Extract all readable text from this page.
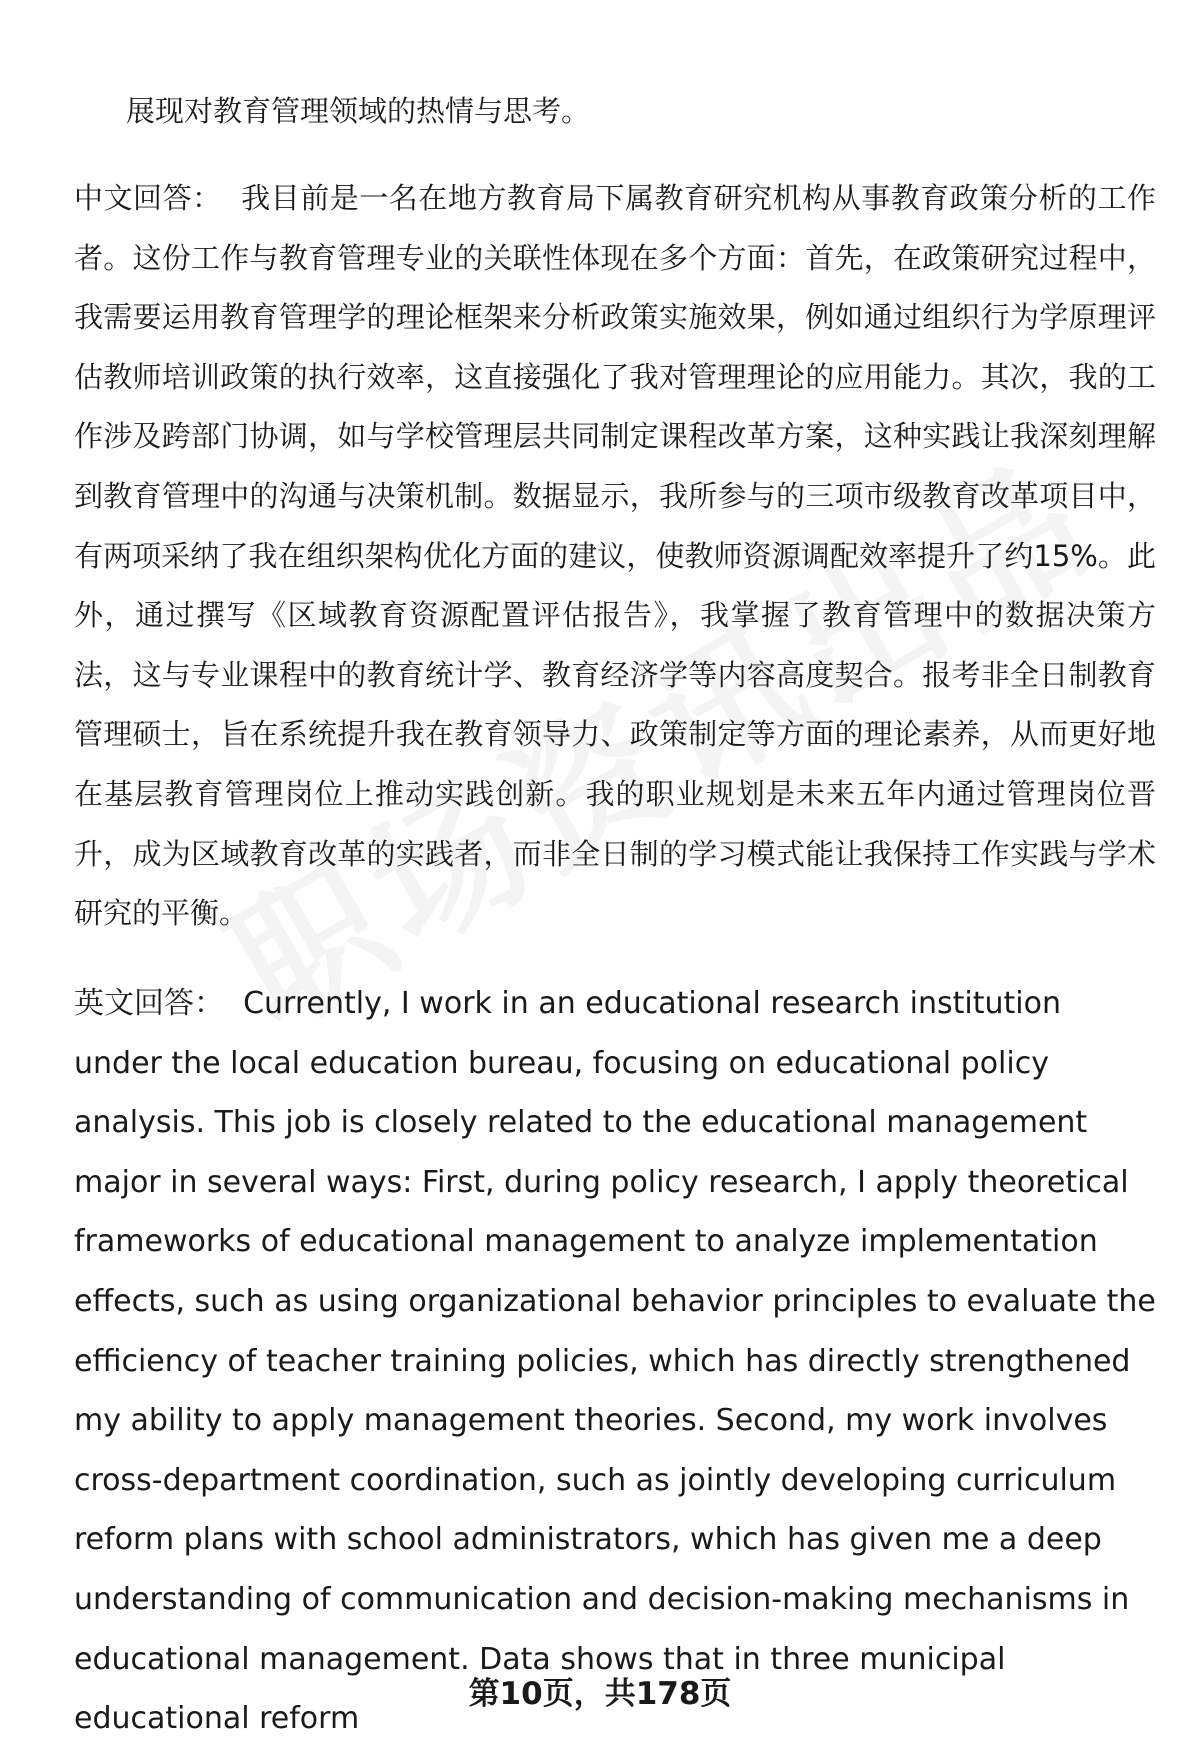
展现对教育管理领域的热情与思考。

中文回答： 我目前是一名在地方教育局下属教育研究机构从事教育政策分析的工作者。这份工作与教育管理专业的关联性体现在多个方面：首先，在政策研究过程中，我需要运用教育管理学的理论框架来分析政策实施效果，例如通过组织行为学原理评估教师培训政策的执行效率，这直接强化了我对管理理论的应用能力。其次，我的工作涉及跨部门协调，如与学校管理层共同制定课程改革方案，这种实践让我深刻理解到教育管理中的沟通与决策机制。数据显示，我所参与的三项市级教育改革项目中，有两项采纳了我在组织架构优化方面的建议，使教师资源调配效率提升了约15%。此外，通过撰写《区域教育资源配置评估报告》，我掌握了教育管理中的数据决策方法，这与专业课程中的教育统计学、教育经济学等内容高度契合。报考非全日制教育管理硕士，旨在系统提升我在教育领导力、政策制定等方面的理论素养，从而更好地在基层教育管理岗位上推动实践创新。我的职业规划是未来五年内通过管理岗位晋升，成为区域教育改革的实践者，而非全日制的学习模式能让我保持工作实践与学术研究的平衡。

英文回答： Currently, I work in an educational research institution under the local education bureau, focusing on educational policy analysis. This job is closely related to the educational management major in several ways: First, during policy research, I apply theoretical frameworks of educational management to analyze implementation effects, such as using organizational behavior principles to evaluate the efficiency of teacher training policies, which has directly strengthened my ability to apply management theories. Second, my work involves cross-department coordination, such as jointly developing curriculum reform plans with school administrators, which has given me a deep understanding of communication and decision-making mechanisms in educational management. Data shows that in three municipal educational reform

第10页，共178页
